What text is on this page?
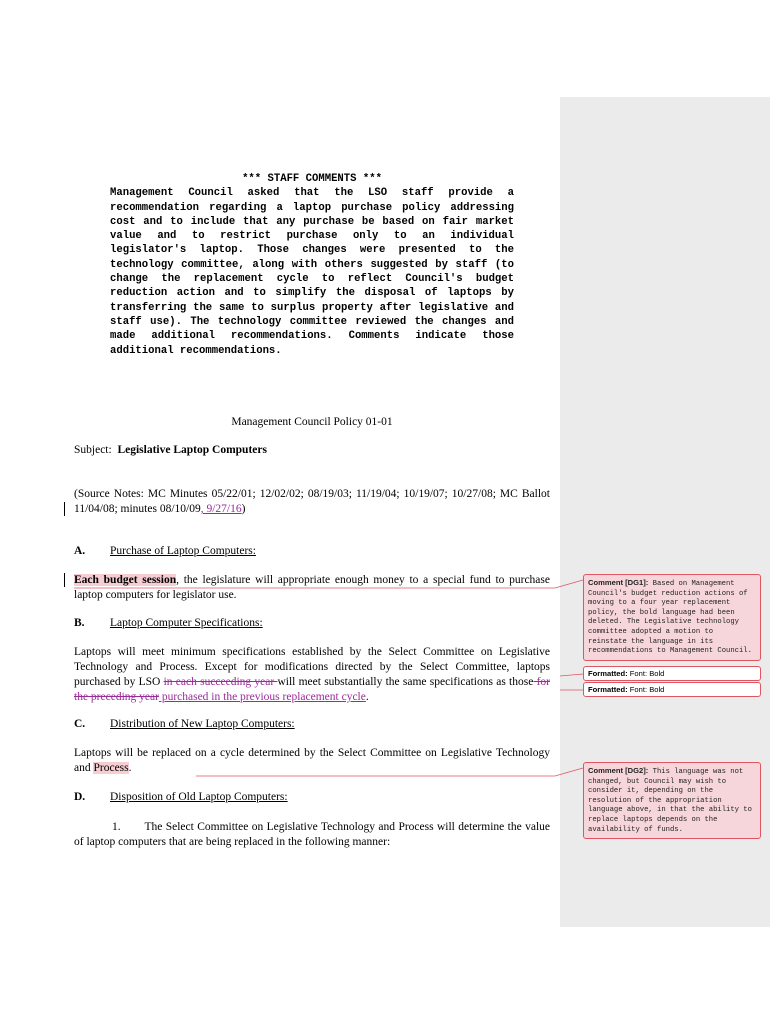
*** STAFF COMMENTS ***
Management Council asked that the LSO staff provide a recommendation regarding a laptop purchase policy addressing cost and to include that any purchase be based on fair market value and to restrict purchase only to an individual legislator's laptop. Those changes were presented to the technology committee, along with others suggested by staff (to change the replacement cycle to reflect Council's budget reduction action and to simplify the disposal of laptops by transferring the same to surplus property after legislative and staff use). The technology committee reviewed the changes and made additional recommendations. Comments indicate those additional recommendations.
Management Council Policy 01-01
Subject: Legislative Laptop Computers
(Source Notes: MC Minutes 05/22/01; 12/02/02; 08/19/03; 11/19/04; 10/19/07; 10/27/08; MC Ballot 11/04/08; minutes 08/10/09, 9/27/16)
A. Purchase of Laptop Computers:
Each budget session, the legislature will appropriate enough money to a special fund to purchase laptop computers for legislator use.
B. Laptop Computer Specifications:
Laptops will meet minimum specifications established by the Select Committee on Legislative Technology and Process. Except for modifications directed by the Select Committee, laptops purchased by LSO in each succeeding year will meet substantially the same specifications as those for the preceding year purchased in the previous replacement cycle.
C. Distribution of New Laptop Computers:
Laptops will be replaced on a cycle determined by the Select Committee on Legislative Technology and Process.
D. Disposition of Old Laptop Computers:
1. The Select Committee on Legislative Technology and Process will determine the value of laptop computers that are being replaced in the following manner:
Comment [DG1]: Based on Management Council's budget reduction actions of moving to a four year replacement policy, the bold language had been deleted. The Legislative technology committee adopted a motion to reinstate the language in its recommendations to Management Council.
Formatted: Font: Bold
Formatted: Font: Bold
Comment [DG2]: This language was not changed, but Council may wish to consider it, depending on the resolution of the appropriation language above, in that the ability to replace laptops depends on the availability of funds.
